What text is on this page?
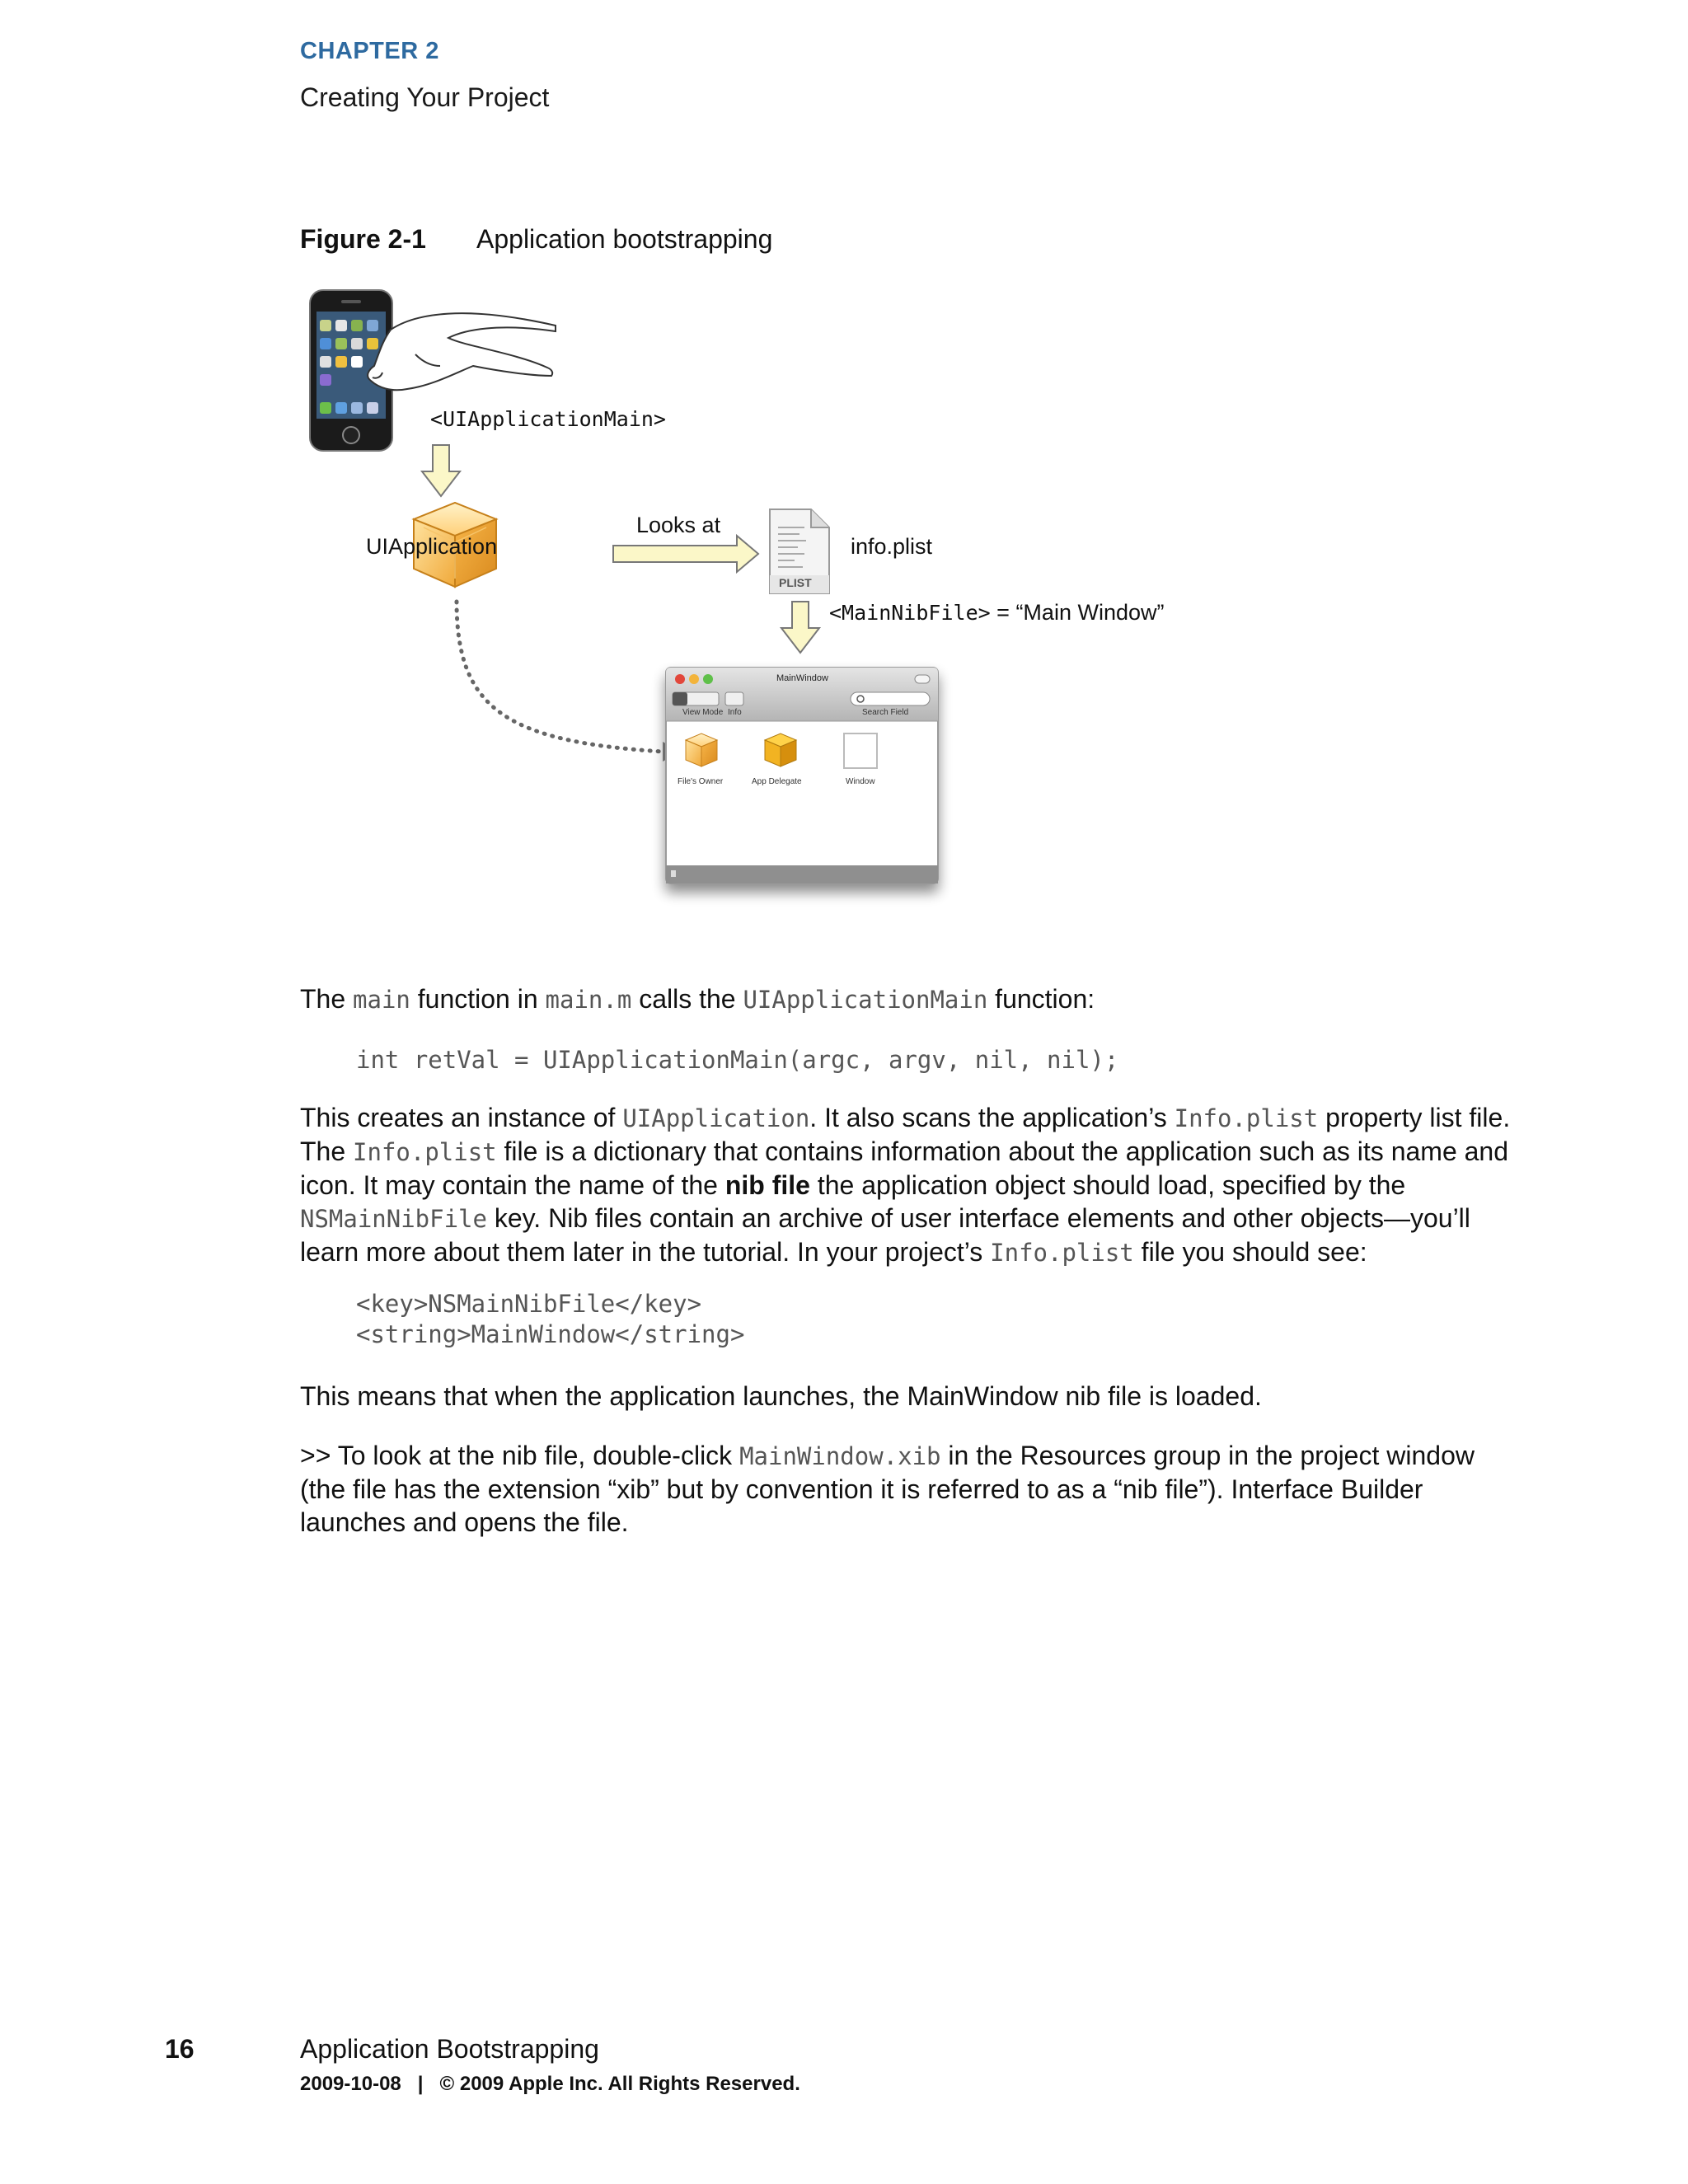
CHAPTER 2
Creating Your Project
Figure 2-1 Application bootstrapping
<UIApplicationMain>
UIApplication
Looks at
info.plist
PLIST
<MainNibFile> = “Main Window”
MainWindow
View Mode Info	Search Field
File's Owner	App Delegate	Window
The main function in main.m calls the UIApplicationMain function:
int retVal = UIApplicationMain(argc, argv, nil, nil);
This creates an instance of UIApplication. It also scans the application’s Info.plist property list file. The Info.plist file is a dictionary that contains information about the application such as its name and icon. It may contain the name of the nib file the application object should load, specified by the NSMainNibFile key. Nib files contain an archive of user interface elements and other objects—you’ll learn more about them later in the tutorial. In your project’s Info.plist file you should see:
<key>NSMainNibFile</key>
<string>MainWindow</string>
This means that when the application launches, the MainWindow nib file is loaded.
>> To look at the nib file, double-click MainWindow.xib in the Resources group in the project window (the file has the extension “xib” but by convention it is referred to as a “nib file”). Interface Builder launches and opens the file.
16	Application Bootstrapping
2009-10-08   |   © 2009 Apple Inc. All Rights Reserved.
